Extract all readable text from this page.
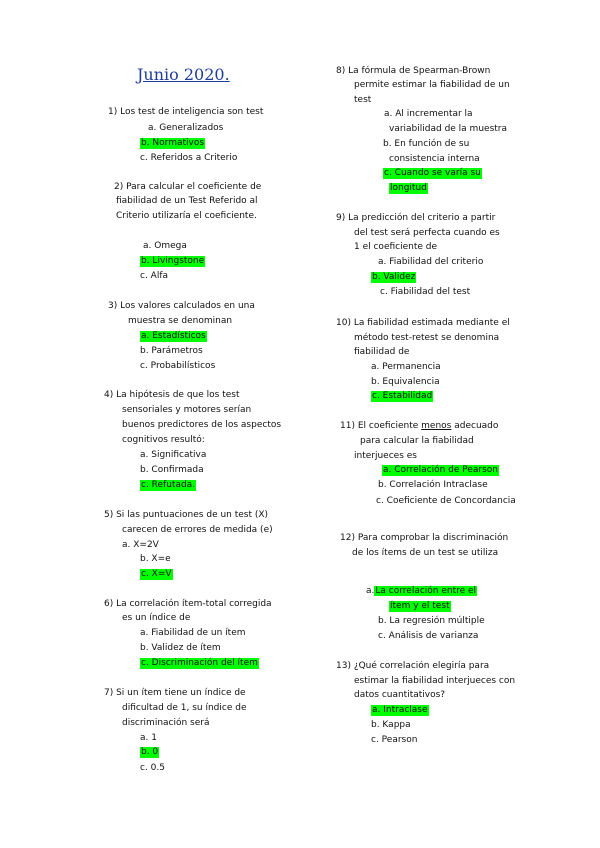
Junio 2020.
1) Los test de inteligencia son test
a. Generalizados
b. Normativos
c. Referidos a Criterio
2) Para calcular el coeficiente de
fiabilidad de un Test Referido al
Criterio utilizaría el coeficiente.
a. Omega
b. Livingstone
c. Alfa
3) Los valores calculados en una
muestra se denominan
a. Estadísticos
b. Parámetros
c. Probabilísticos
4) La hipótesis de que los test
sensoriales y motores serían
buenos predictores de los aspectos
cognitivos resultó:
a. Significativa
b. Confirmada
c. Refutada.
5) Si las puntuaciones de un test (X)
carecen de errores de medida (e)
a. X=2V
b. X=e
c. X=V
6) La correlación ítem-total corregida
es un índice de
a. Fiabilidad de un ítem
b. Validez de ítem
c. Discriminación del ítem
7) Si un ítem tiene un índice de
dificultad de 1, su índice de
discriminación será
a. 1
b. 0
c. 0.5
8) La fórmula de Spearman-Brown
permite estimar la fiabilidad de un
test
a. Al incrementar la
variabilidad de la muestra
b. En función de su
consistencia interna
c. Cuando se varía su
longitud
9) La predicción del criterio a partir
del test será perfecta cuando es
1 el coeficiente de
a. Fiabilidad del criterio
b. Validez
c. Fiabilidad del test
10) La fiabilidad estimada mediante el
método test-retest se denomina
fiabilidad de
a. Permanencia
b. Equivalencia
c. Estabilidad
11) El coeficiente menos adecuado
para calcular la fiabilidad
interjueces es
a. Correlación de Pearson
b. Correlación Intraclase
c. Coeficiente de Concordancia
12) Para comprobar la discriminación
de los ítems de un test se utiliza
a.La correlación entre el
ítem y el test
b. La regresión múltiple
c. Análisis de varianza
13) ¿Qué correlación elegiría para
estimar la fiabilidad interjueces con
datos cuantitativos?
a. Intraclase
b. Kappa
c. Pearson
